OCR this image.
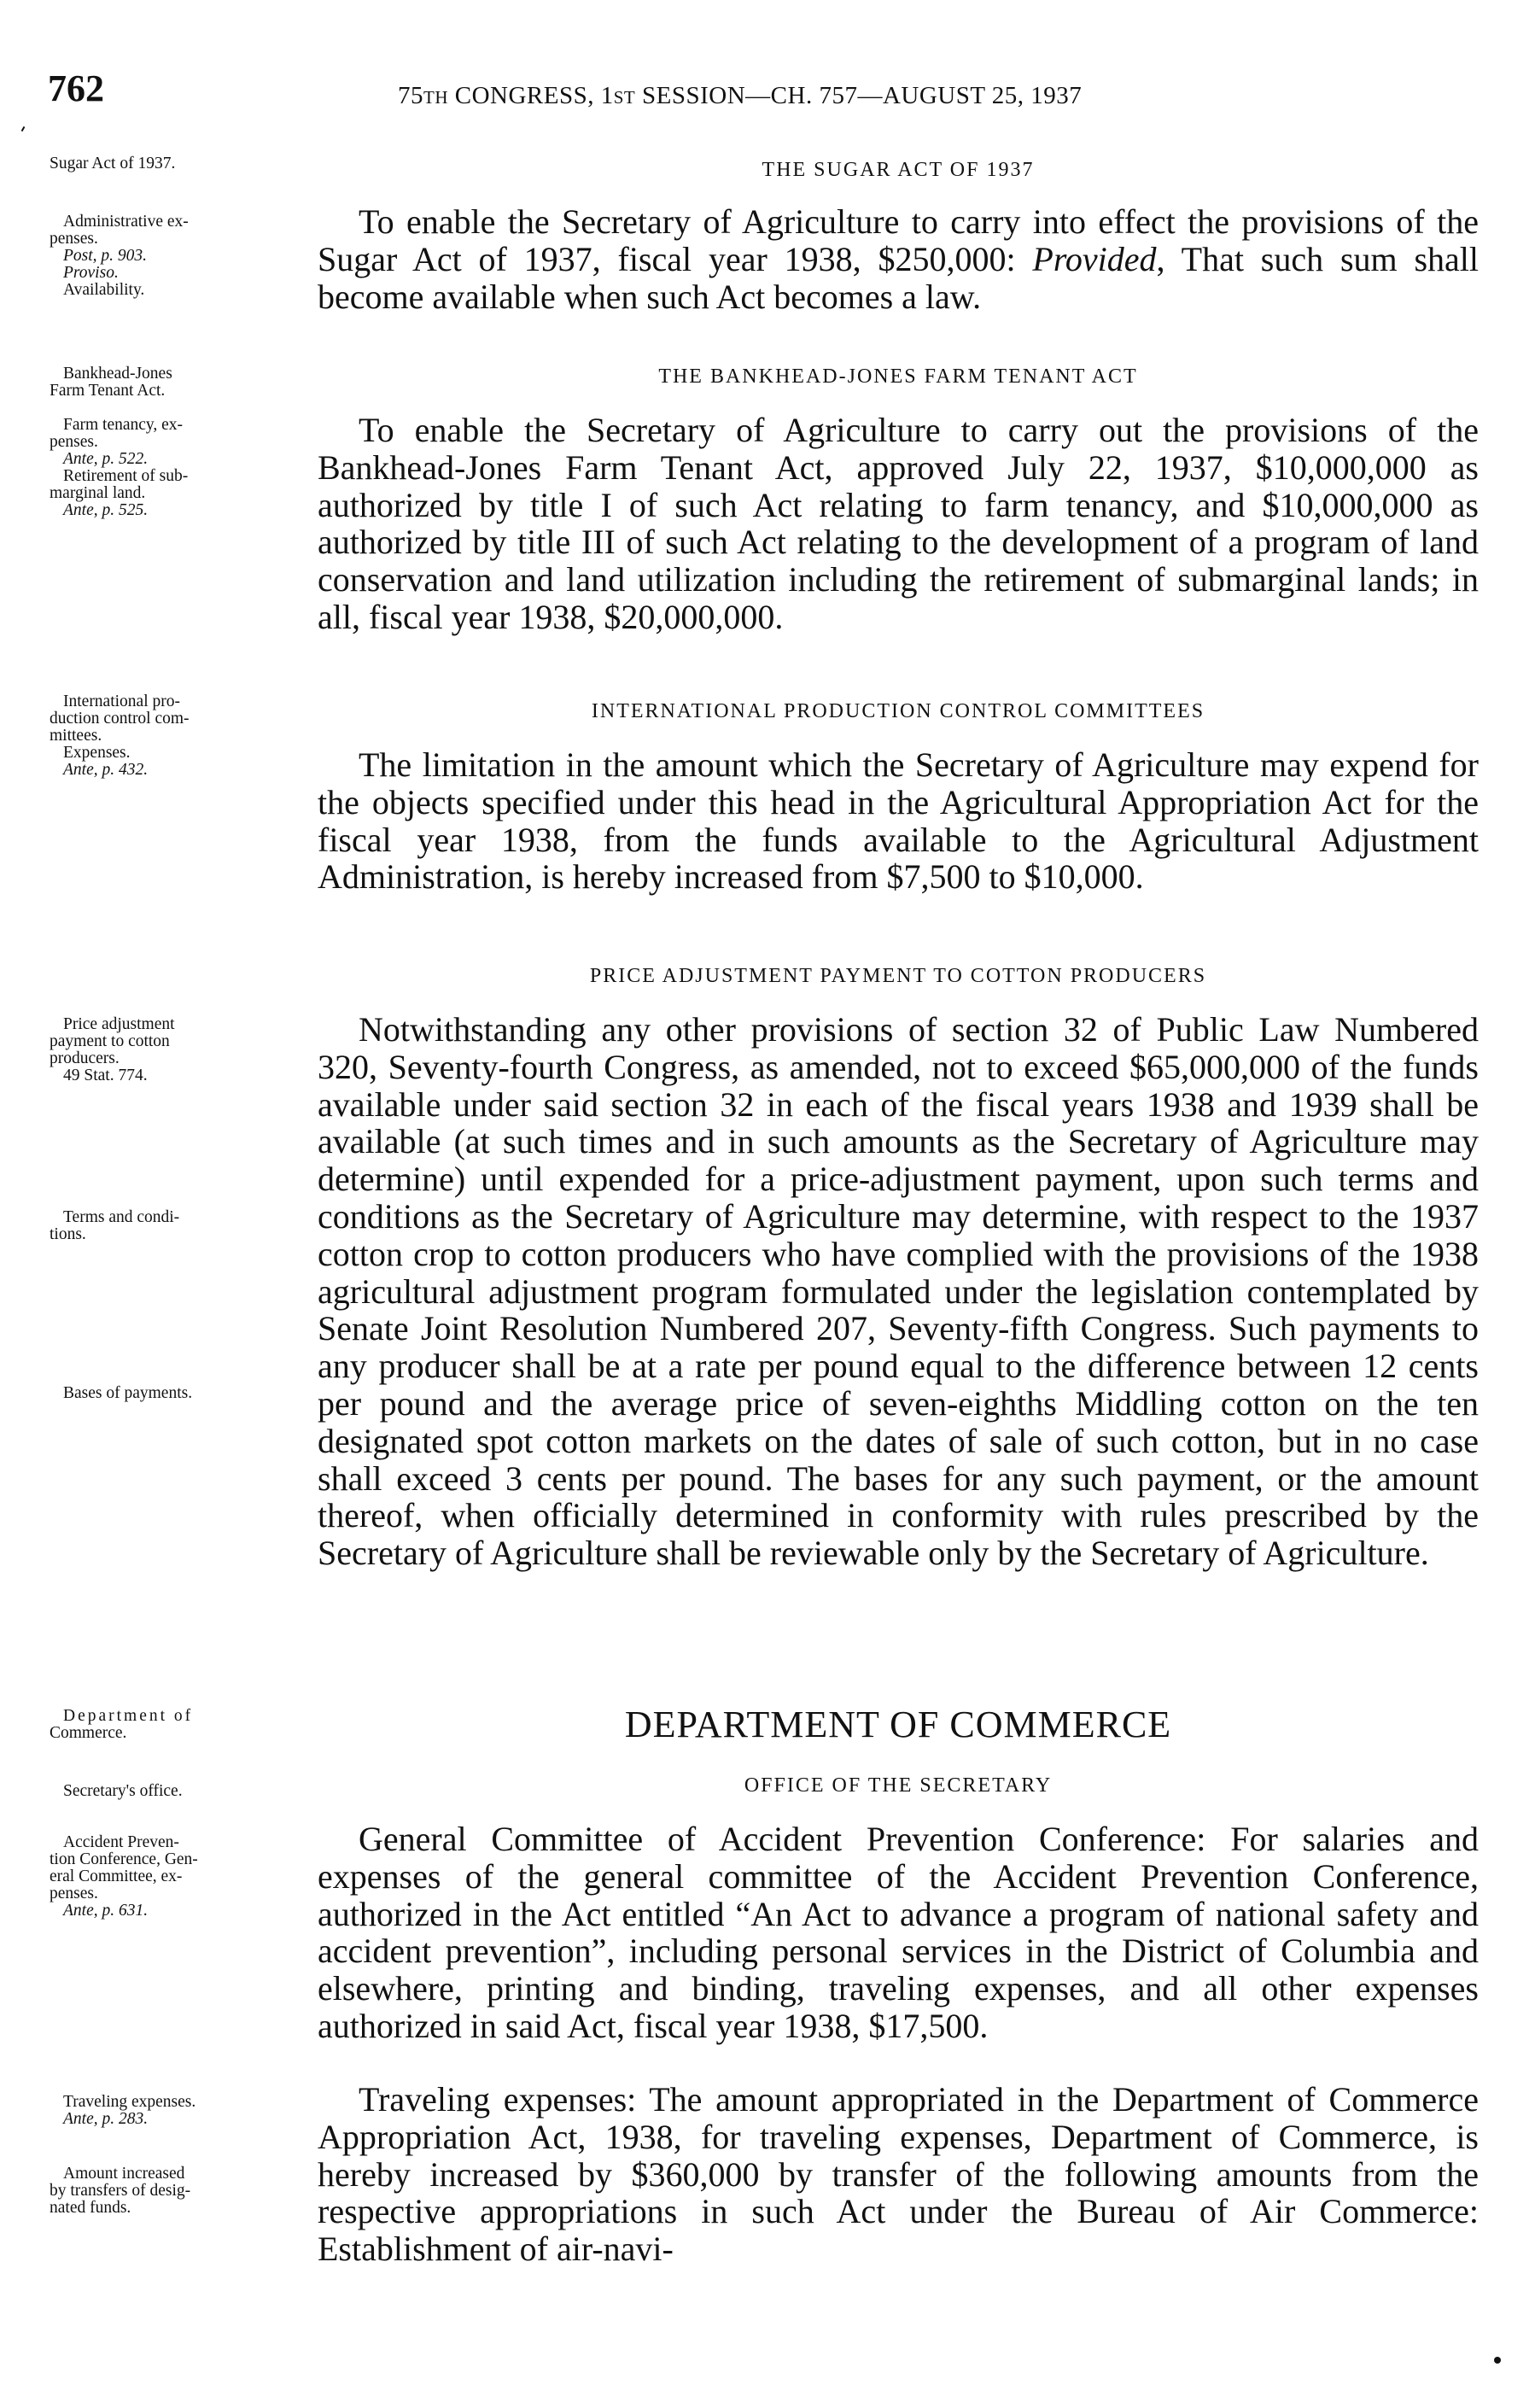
762	75TH CONGRESS, 1ST SESSION—CH. 757—AUGUST 25, 1937
Sugar Act of 1937.
Administrative ex-
penses.
Post, p. 903.
Proviso.
Availability.
Bankhead-Jones
Farm Tenant Act.
Farm tenancy, ex-
penses.
Ante, p. 522.
Retirement of sub-
marginal land.
Ante, p. 525.
International pro-
duction control com-
mittees.
Expenses.
Ante, p. 432.
Price adjustment
payment to cotton
producers.
49 Stat. 774.
Terms and condi-
tions.
Bases of payments.
Department of
Commerce.
Secretary's office.
Accident Preven-
tion Conference, Gen-
eral Committee, ex-
penses.
Ante, p. 631.
Traveling expenses.
Ante, p. 283.
Amount increased
by transfers of desig-
nated funds.
THE SUGAR ACT OF 1937
To enable the Secretary of Agriculture to carry into effect the provisions of the Sugar Act of 1937, fiscal year 1938, $250,000: Provided, That such sum shall become available when such Act becomes a law.
THE BANKHEAD-JONES FARM TENANT ACT
To enable the Secretary of Agriculture to carry out the provisions of the Bankhead-Jones Farm Tenant Act, approved July 22, 1937, $10,000,000 as authorized by title I of such Act relating to farm tenancy, and $10,000,000 as authorized by title III of such Act relating to the development of a program of land conservation and land utilization including the retirement of submarginal lands; in all, fiscal year 1938, $20,000,000.
INTERNATIONAL PRODUCTION CONTROL COMMITTEES
The limitation in the amount which the Secretary of Agriculture may expend for the objects specified under this head in the Agricultural Appropriation Act for the fiscal year 1938, from the funds available to the Agricultural Adjustment Administration, is hereby increased from $7,500 to $10,000.
PRICE ADJUSTMENT PAYMENT TO COTTON PRODUCERS
Notwithstanding any other provisions of section 32 of Public Law Numbered 320, Seventy-fourth Congress, as amended, not to exceed $65,000,000 of the funds available under said section 32 in each of the fiscal years 1938 and 1939 shall be available (at such times and in such amounts as the Secretary of Agriculture may determine) until expended for a price-adjustment payment, upon such terms and conditions as the Secretary of Agriculture may determine, with respect to the 1937 cotton crop to cotton producers who have complied with the provisions of the 1938 agricultural adjustment program formulated under the legislation contemplated by Senate Joint Resolution Numbered 207, Seventy-fifth Congress. Such payments to any producer shall be at a rate per pound equal to the difference between 12 cents per pound and the average price of seven-eighths Middling cotton on the ten designated spot cotton markets on the dates of sale of such cotton, but in no case shall exceed 3 cents per pound. The bases for any such payment, or the amount thereof, when officially determined in conformity with rules prescribed by the Secretary of Agriculture shall be reviewable only by the Secretary of Agriculture.
DEPARTMENT OF COMMERCE
OFFICE OF THE SECRETARY
General Committee of Accident Prevention Conference: For salaries and expenses of the general committee of the Accident Prevention Conference, authorized in the Act entitled “An Act to advance a program of national safety and accident prevention”, including personal services in the District of Columbia and elsewhere, printing and binding, traveling expenses, and all other expenses authorized in said Act, fiscal year 1938, $17,500.
Traveling expenses: The amount appropriated in the Department of Commerce Appropriation Act, 1938, for traveling expenses, Department of Commerce, is hereby increased by $360,000 by transfer of the following amounts from the respective appropriations in such Act under the Bureau of Air Commerce: Establishment of air-navi-
